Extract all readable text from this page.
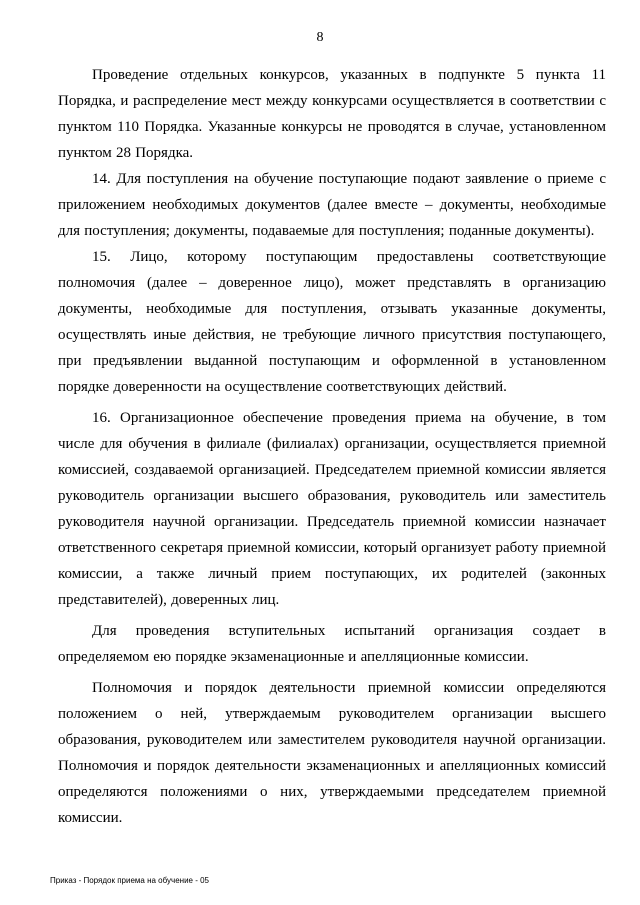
8

Проведение отдельных конкурсов, указанных в подпункте 5 пункта 11 Порядка, и распределение мест между конкурсами осуществляется в соответствии с пунктом 110 Порядка. Указанные конкурсы не проводятся в случае, установленном пунктом 28 Порядка.

14. Для поступления на обучение поступающие подают заявление о приеме с приложением необходимых документов (далее вместе – документы, необходимые для поступления; документы, подаваемые для поступления; поданные документы).

15. Лицо, которому поступающим предоставлены соответствующие полномочия (далее – доверенное лицо), может представлять в организацию документы, необходимые для поступления, отзывать указанные документы, осуществлять иные действия, не требующие личного присутствия поступающего, при предъявлении выданной поступающим и оформленной в установленном порядке доверенности на осуществление соответствующих действий.

16. Организационное обеспечение проведения приема на обучение, в том числе для обучения в филиале (филиалах) организации, осуществляется приемной комиссией, создаваемой организацией. Председателем приемной комиссии является руководитель организации высшего образования, руководитель или заместитель руководителя научной организации. Председатель приемной комиссии назначает ответственного секретаря приемной комиссии, который организует работу приемной комиссии, а также личный прием поступающих, их родителей (законных представителей), доверенных лиц.

Для проведения вступительных испытаний организация создает в определяемом ею порядке экзаменационные и апелляционные комиссии.

Полномочия и порядок деятельности приемной комиссии определяются положением о ней, утверждаемым руководителем организации высшего образования, руководителем или заместителем руководителя научной организации. Полномочия и порядок деятельности экзаменационных и апелляционных комиссий определяются положениями о них, утверждаемыми председателем приемной комиссии.

Приказ - Порядок приема на обучение - 05
